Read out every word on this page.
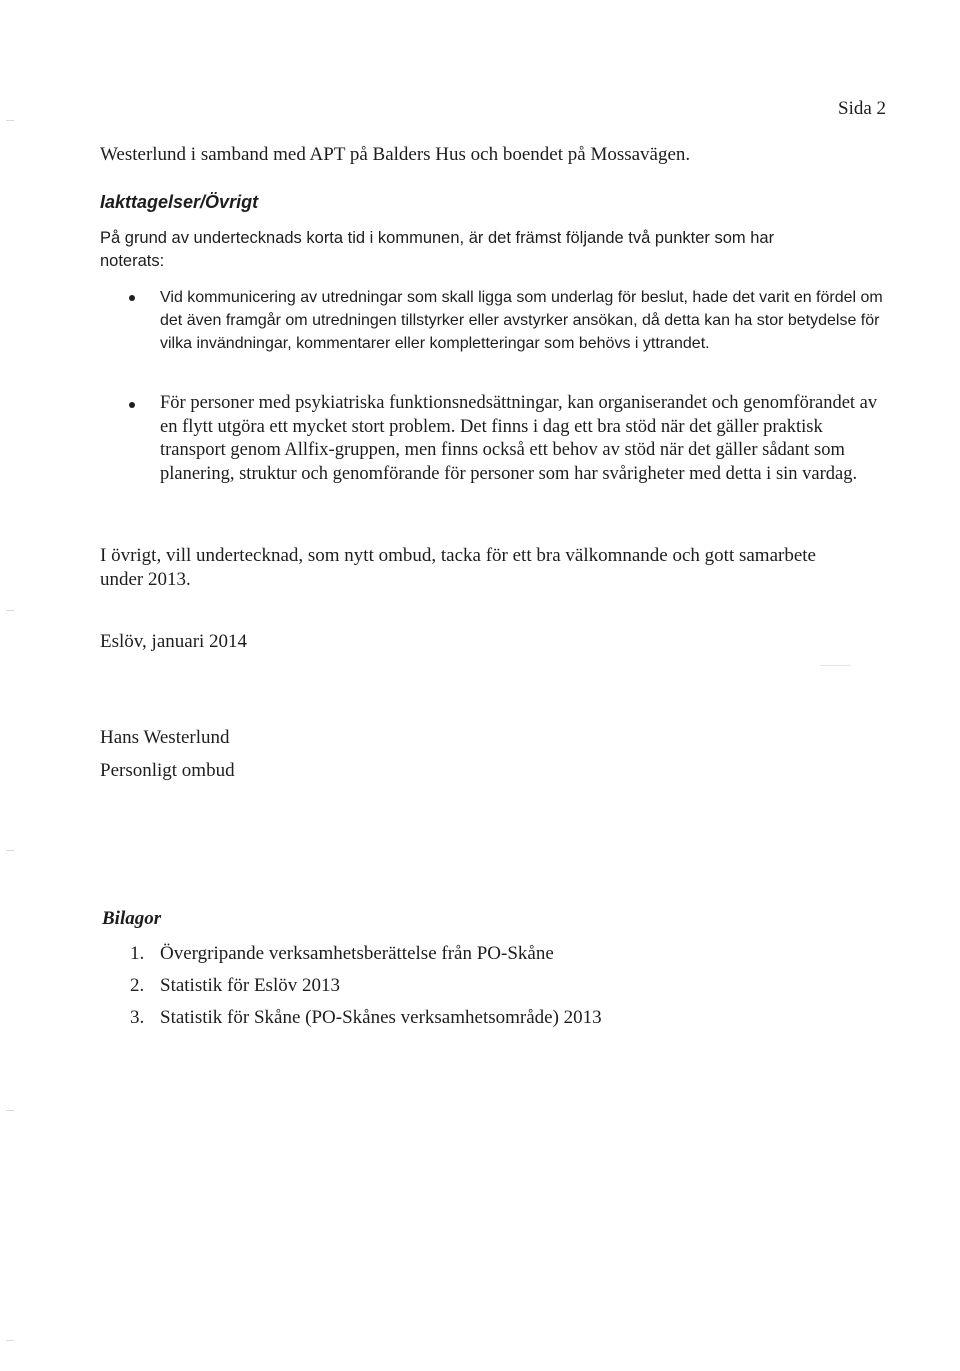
Sida 2
Westerlund i samband med APT på Balders Hus och boendet på Mossavägen.
Iakttagelser/Övrigt
På grund av undertecknads korta tid i kommunen, är det främst följande två punkter som har noterats:
Vid kommunicering av utredningar som skall ligga som underlag för beslut, hade det varit en fördel om det även framgår om utredningen tillstyrker eller avstyrker ansökan, då detta kan ha stor betydelse för vilka invändningar, kommentarer eller kompletteringar som behövs i yttrandet.
För personer med psykiatriska funktionsnedsättningar, kan organiserandet och genomförandet av en flytt utgöra ett mycket stort problem. Det finns i dag ett bra stöd när det gäller praktisk transport genom Allfix-gruppen, men finns också ett behov av stöd när det gäller sådant som planering, struktur och genomförande för personer som har svårigheter med detta i sin vardag.
I övrigt, vill undertecknad, som nytt ombud, tacka för ett bra välkomnande och gott samarbete under 2013.
Eslöv, januari 2014
Hans Westerlund
Personligt ombud
Bilagor
1. Övergripande verksamhetsberättelse från PO-Skåne
2. Statistik för Eslöv 2013
3. Statistik för Skåne (PO-Skånes verksamhetsområde) 2013
